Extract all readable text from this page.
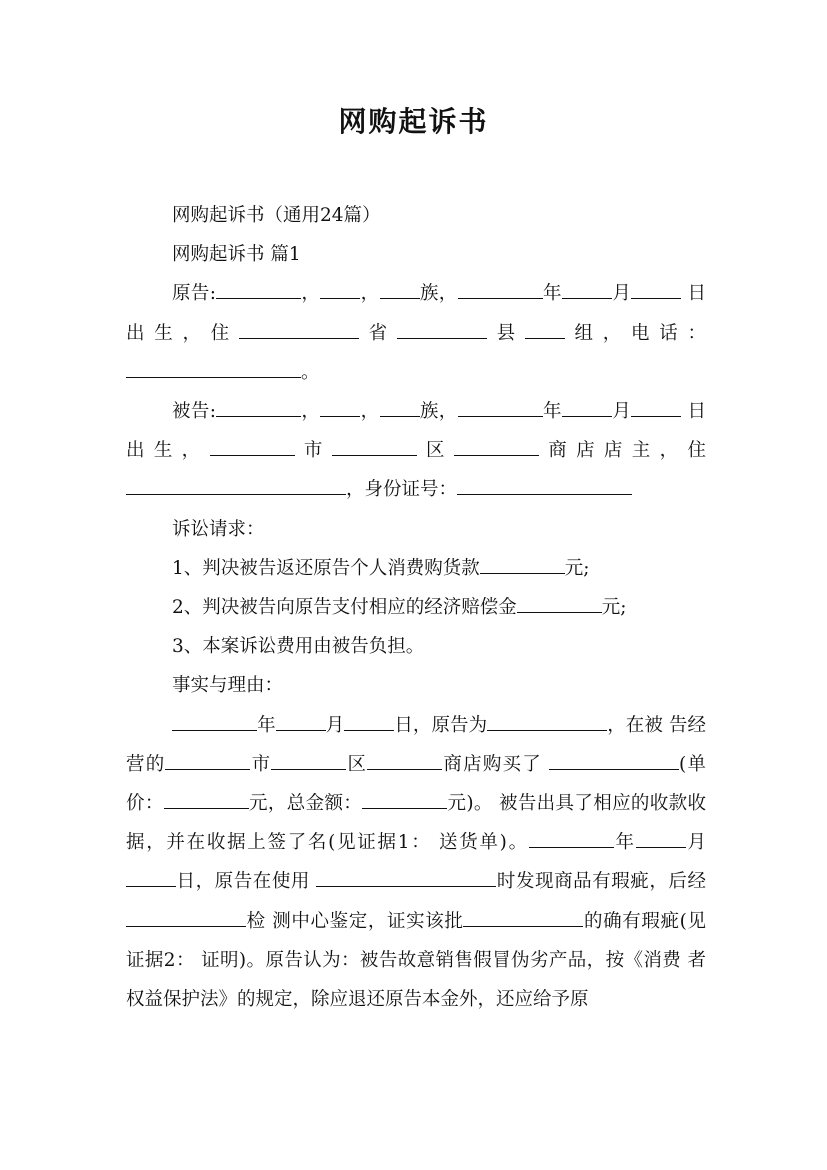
网购起诉书

网购起诉书（通用24篇）

网购起诉书 篇1

原告:	， ， 族，	年	月	日出生，住	省	县 组，电话： 。

被告:	， ， 族，	年	月	日出生，	市	区	商店店主，住 ，身份证号：

诉讼请求：

1、判决被告返还原告个人消费购货款	元;

2、判决被告向原告支付相应的经济赔偿金	元;

3、本案诉讼费用由被告负担。

事实与理由：

年	月	日，原告为	，在被 告经营的	市	区	商店购买了	(单价：	元，总金额：	元)。 被告出具了相应的收款收据，并在收据上签了名(见证据1： 送货单)。	年	月日，原告在使用	时发现商品有瑕疵，后经检 测中心鉴定，证实该批	的确有瑕疵(见证据2： 证明)。原告认为：被告故意销售假冒伪劣产品，按《消费 者权益保护法》的规定，除应退还原告本金外，还应给予原
